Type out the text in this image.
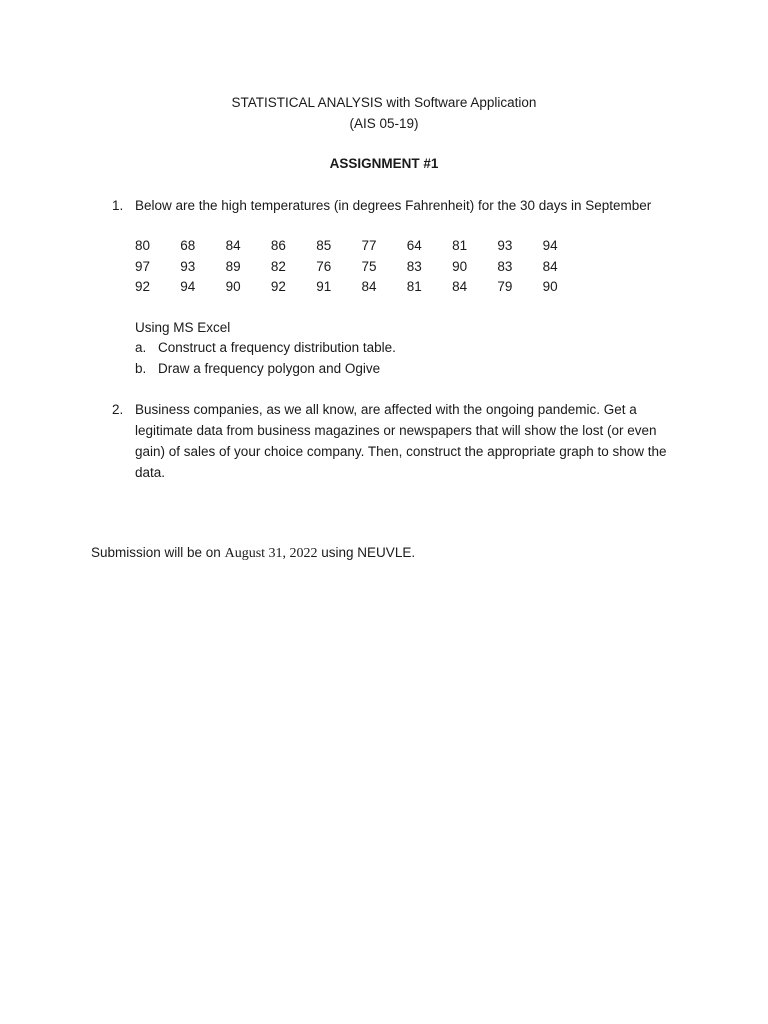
STATISTICAL ANALYSIS with Software Application
(AIS 05-19)
ASSIGNMENT #1
1. Below are the high temperatures (in degrees Fahrenheit) for the 30 days in September
80	68	84	86	85	77	64	81	93	94
97	93	89	82	76	75	83	90	83	84
92	94	90	92	91	84	81	84	79	90
Using MS Excel
a. Construct a frequency distribution table.
b. Draw a frequency polygon and Ogive
2. Business companies, as we all know, are affected with the ongoing pandemic. Get a legitimate data from business magazines or newspapers that will show the lost (or even gain) of sales of your choice company. Then, construct the appropriate graph to show the data.
Submission will be on August 31, 2022 using NEUVLE.
